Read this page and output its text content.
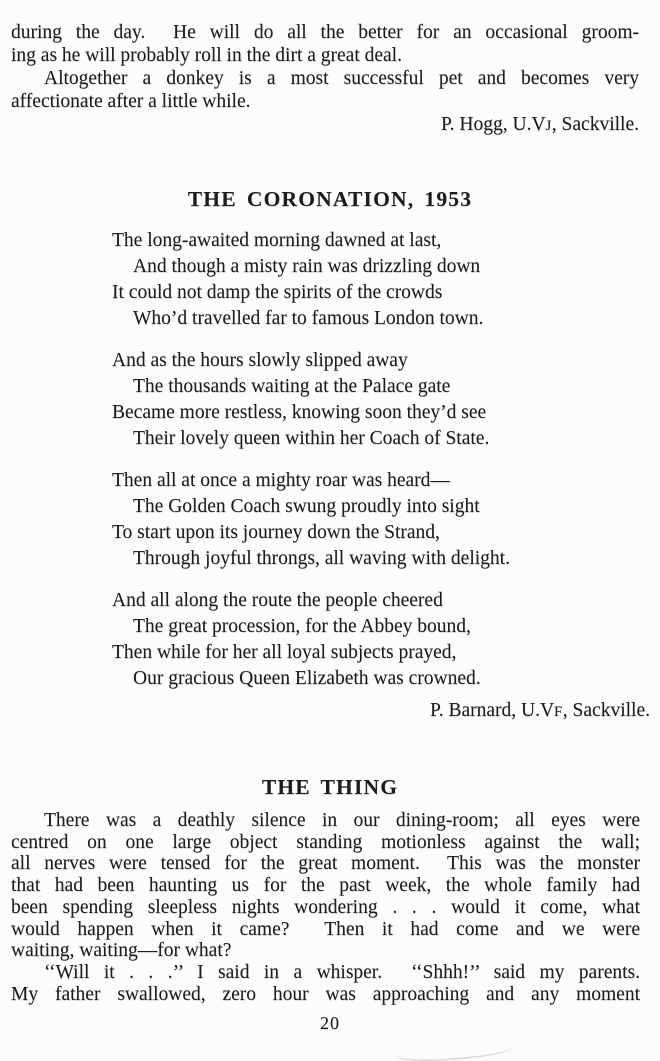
during the day.  He will do all the better for an occasional groom-
ing as he will probably roll in the dirt a great deal.
Altogether a donkey is a most successful pet and becomes very
affectionate after a little while.
P. Hogg, U.VJ, Sackville.
THE CORONATION, 1953
The long-awaited morning dawned at last,
And though a misty rain was drizzling down
It could not damp the spirits of the crowds
Who’d travelled far to famous London town.
And as the hours slowly slipped away
The thousands waiting at the Palace gate
Became more restless, knowing soon they’d see
Their lovely queen within her Coach of State.
Then all at once a mighty roar was heard—
The Golden Coach swung proudly into sight
To start upon its journey down the Strand,
Through joyful throngs, all waving with delight.
And all along the route the people cheered
The great procession, for the Abbey bound,
Then while for her all loyal subjects prayed,
Our gracious Queen Elizabeth was crowned.
P. Barnard, U.VF, Sackville.
THE THING
There was a deathly silence in our dining-room; all eyes were
centred on one large object standing motionless against the wall;
all nerves were tensed for the great moment.  This was the monster
that had been haunting us for the past week, the whole family had
been spending sleepless nights wondering . . . would it come, what
would happen when it came?  Then it had come and we were
waiting, waiting—for what?
‘‘Will it . . .’’ I said in a whisper.  ‘‘Shhh!’’ said my parents.
My father swallowed, zero hour was approaching and any moment
20
